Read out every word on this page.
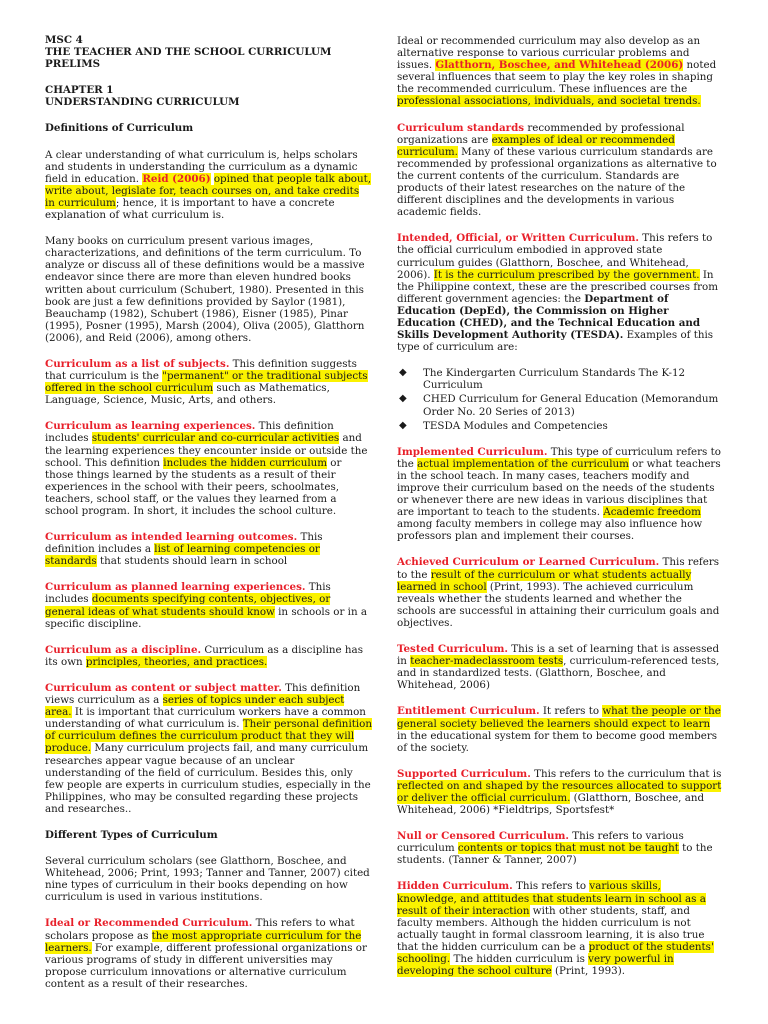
MSC 4

THE TEACHER AND THE SCHOOL CURRICULUM

PRELIMS

CHAPTER 1

UNDERSTANDING CURRICULUM

Definitions of Curriculum

A clear understanding of what curriculum is, helps scholars and students in understanding the curriculum as a dynamic field in education. Reid (2006) opined that people talk about, write about, legislate for, teach courses on, and take credits in curriculum; hence, it is important to have a concrete explanation of what curriculum is.

Many books on curriculum present various images, characterizations, and definitions of the term curriculum. To analyze or discuss all of these definitions would be a massive endeavor since there are more than eleven hundred books written about curriculum (Schubert, 1980). Presented in this book are just a few definitions provided by Saylor (1981), Beauchamp (1982), Schubert (1986), Eisner (1985), Pinar (1995), Posner (1995), Marsh (2004), Oliva (2005), Glatthorn (2006), and Reid (2006), among others.

Curriculum as a list of subjects. This definition suggests that curriculum is the "permanent" or the traditional subjects offered in the school curriculum such as Mathematics, Language, Science, Music, Arts, and others.

Curriculum as learning experiences. This definition includes students' curricular and co-curricular activities and the learning experiences they encounter inside or outside the school. This definition includes the hidden curriculum or those things learned by the students as a result of their experiences in the school with their peers, schoolmates, teachers, school staff, or the values they learned from a school program. In short, it includes the school culture.

Curriculum as intended learning outcomes. This definition includes a list of learning competencies or standards that students should learn in school

Curriculum as planned learning experiences. This includes documents specifying contents, objectives, or general ideas of what students should know in schools or in a specific discipline.

Curriculum as a discipline. Curriculum as a discipline has its own principles, theories, and practices.

Curriculum as content or subject matter. This definition views curriculum as a series of topics under each subject area. It is important that curriculum workers have a common understanding of what curriculum is. Their personal definition of curriculum defines the curriculum product that they will produce. Many curriculum projects fail, and many curriculum researches appear vague because of an unclear understanding of the field of curriculum. Besides this, only few people are experts in curriculum studies, especially in the Philippines, who may be consulted regarding these projects and researches..

Different Types of Curriculum

Several curriculum scholars (see Glatthorn, Boschee, and Whitehead, 2006; Print, 1993; Tanner and Tanner, 2007) cited nine types of curriculum in their books depending on how curriculum is used in various institutions.

Ideal or Recommended Curriculum. This refers to what scholars propose as the most appropriate curriculum for the learners. For example, different professional organizations or various programs of study in different universities may propose curriculum innovations or alternative curriculum content as a result of their researches.

Ideal or recommended curriculum may also develop as an alternative response to various curricular problems and issues. Glatthorn, Boschee, and Whitehead (2006) noted several influences that seem to play the key roles in shaping the recommended curriculum. These influences are the professional associations, individuals, and societal trends.

Curriculum standards recommended by professional organizations are examples of ideal or recommended curriculum. Many of these various curriculum standards are recommended by professional organizations as alternative to the current contents of the curriculum. Standards are products of their latest researches on the nature of the different disciplines and the developments in various academic fields.

Intended, Official, or Written Curriculum. This refers to the official curriculum embodied in approved state curriculum guides (Glatthorn, Boschee, and Whitehead, 2006). It is the curriculum prescribed by the government. In the Philippine context, these are the prescribed courses from different government agencies: the Department of Education (DepEd), the Commission on Higher Education (CHED), and the Technical Education and Skills Development Authority (TESDA). Examples of this type of curriculum are:

◆ The Kindergarten Curriculum Standards The K-12 Curriculum
◆ CHED Curriculum for General Education (Memorandum Order No. 20 Series of 2013)
◆ TESDA Modules and Competencies

Implemented Curriculum. This type of curriculum refers to the actual implementation of the curriculum or what teachers in the school teach. In many cases, teachers modify and improve their curriculum based on the needs of the students or whenever there are new ideas in various disciplines that are important to teach to the students. Academic freedom among faculty members in college may also influence how professors plan and implement their courses.

Achieved Curriculum or Learned Curriculum. This refers to the result of the curriculum or what students actually learned in school (Print, 1993). The achieved curriculum reveals whether the students learned and whether the schools are successful in attaining their curriculum goals and objectives.

Tested Curriculum. This is a set of learning that is assessed in teacher-madeclassroom tests, curriculum-referenced tests, and in standardized tests. (Glatthorn, Boschee, and Whitehead, 2006)

Entitlement Curriculum. It refers to what the people or the general society believed the learners should expect to learn in the educational system for them to become good members of the society.

Supported Curriculum. This refers to the curriculum that is reflected on and shaped by the resources allocated to support or deliver the official curriculum. (Glatthorn, Boschee, and Whitehead, 2006) *Fieldtrips, Sportsfest*

Null or Censored Curriculum. This refers to various curriculum contents or topics that must not be taught to the students. (Tanner & Tanner, 2007)

Hidden Curriculum. This refers to various skills, knowledge, and attitudes that students learn in school as a result of their interaction with other students, staff, and faculty members. Although the hidden curriculum is not actually taught in formal classroom learning, it is also true that the hidden curriculum can be a product of the students' schooling. The hidden curriculum is very powerful in developing the school culture (Print, 1993).
